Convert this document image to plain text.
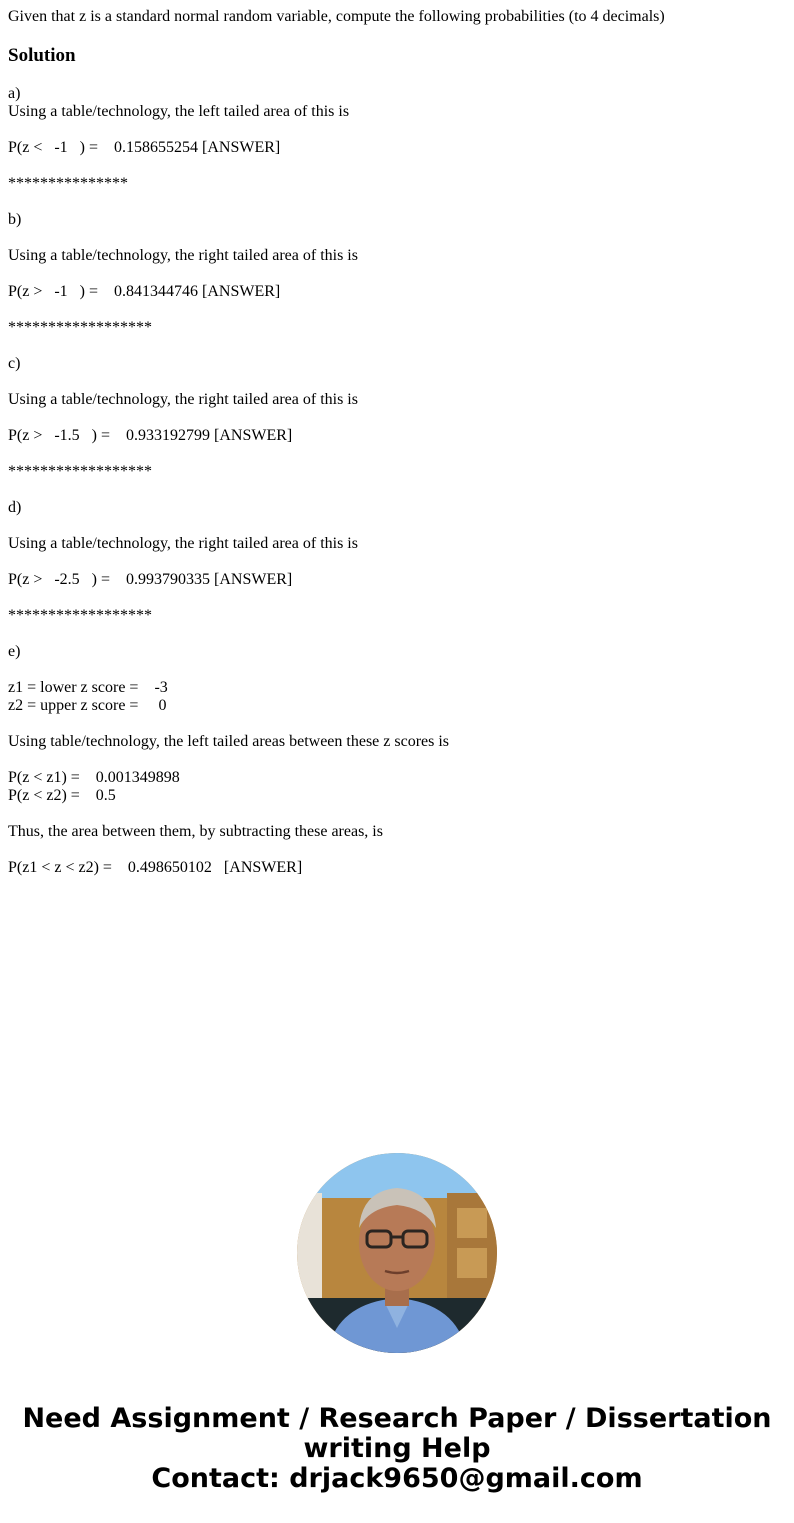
Given that z is a standard normal random variable, compute the following probabilities (to 4 decimals)
Solution

a)

Using a table/technology, the left tailed area of this is

P(z <   -1   ) =    0.158655254 [ANSWER]

***************

b)

Using a table/technology, the right tailed area of this is

P(z >   -1   ) =    0.841344746 [ANSWER]

******************

c)

Using a table/technology, the right tailed area of this is

P(z >   -1.5   ) =    0.933192799 [ANSWER]

******************

d)

Using a table/technology, the right tailed area of this is

P(z >   -2.5   ) =    0.993790335 [ANSWER]

******************

e)

z1 = lower z score =    -3

z2 = upper z score =     0

Using table/technology, the left tailed areas between these z scores is

P(z < z1) =    0.001349898

P(z < z2) =    0.5

Thus, the area between them, by subtracting these areas, is

P(z1 < z < z2) =    0.498650102   [ANSWER]

Need Assignment / Research Paper / Dissertation
writing Help
Contact: drjack9650@gmail.com
